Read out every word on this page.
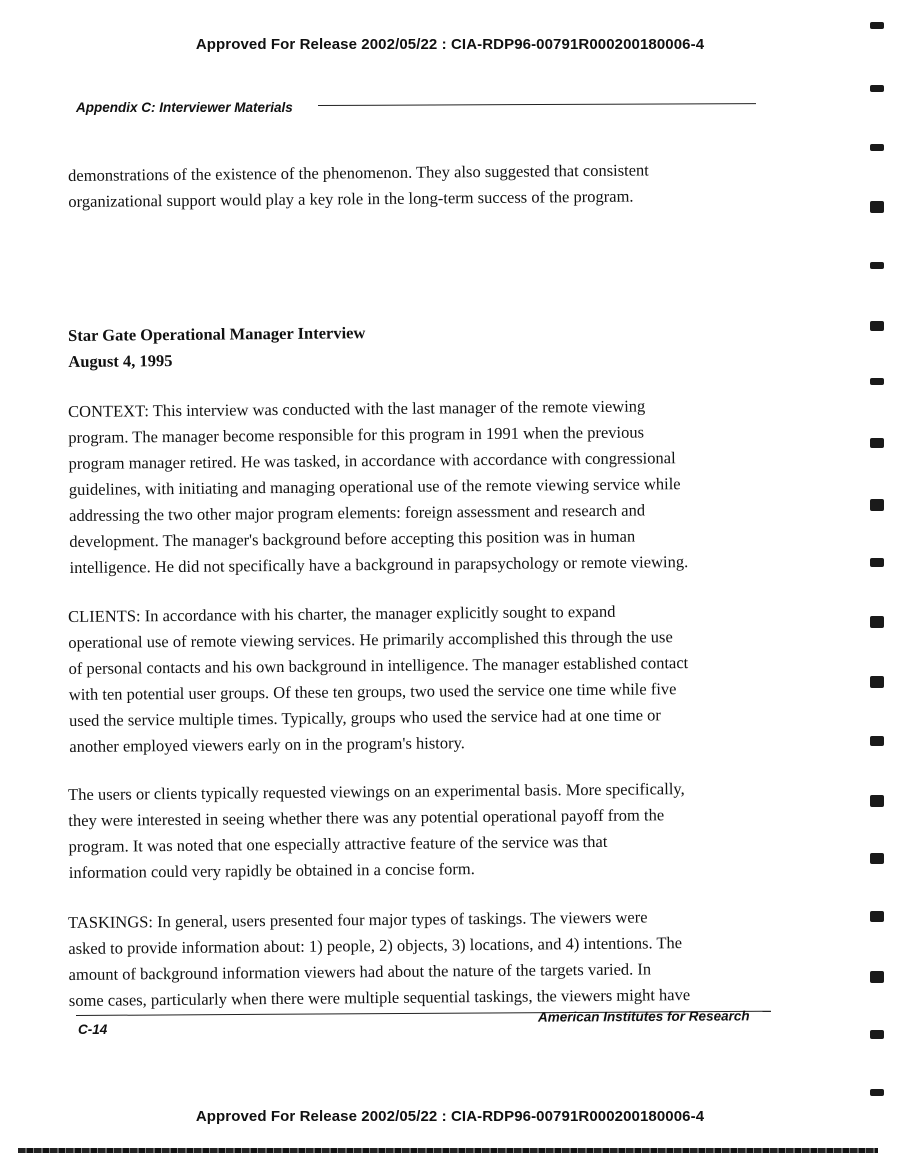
Approved For Release 2002/05/22 : CIA-RDP96-00791R000200180006-4
Appendix C: Interviewer Materials
demonstrations of the existence of the phenomenon. They also suggested that consistent
organizational support would play a key role in the long-term success of the program.
Star Gate Operational Manager Interview
August 4, 1995
CONTEXT: This interview was conducted with the last manager of the remote viewing
program. The manager become responsible for this program in 1991 when the previous
program manager retired. He was tasked, in accordance with accordance with congressional
guidelines, with initiating and managing operational use of the remote viewing service while
addressing the two other major program elements: foreign assessment and research and
development. The manager's background before accepting this position was in human
intelligence. He did not specifically have a background in parapsychology or remote viewing.
CLIENTS: In accordance with his charter, the manager explicitly sought to expand
operational use of remote viewing services. He primarily accomplished this through the use
of personal contacts and his own background in intelligence. The manager established contact
with ten potential user groups. Of these ten groups, two used the service one time while five
used the service multiple times. Typically, groups who used the service had at one time or
another employed viewers early on in the program's history.
The users or clients typically requested viewings on an experimental basis. More specifically,
they were interested in seeing whether there was any potential operational payoff from the
program. It was noted that one especially attractive feature of the service was that
information could very rapidly be obtained in a concise form.
TASKINGS: In general, users presented four major types of taskings. The viewers were
asked to provide information about: 1) people, 2) objects, 3) locations, and 4) intentions. The
amount of background information viewers had about the nature of the targets varied. In
some cases, particularly when there were multiple sequential taskings, the viewers might have
C-14
American Institutes for Research
Approved For Release 2002/05/22 : CIA-RDP96-00791R000200180006-4
